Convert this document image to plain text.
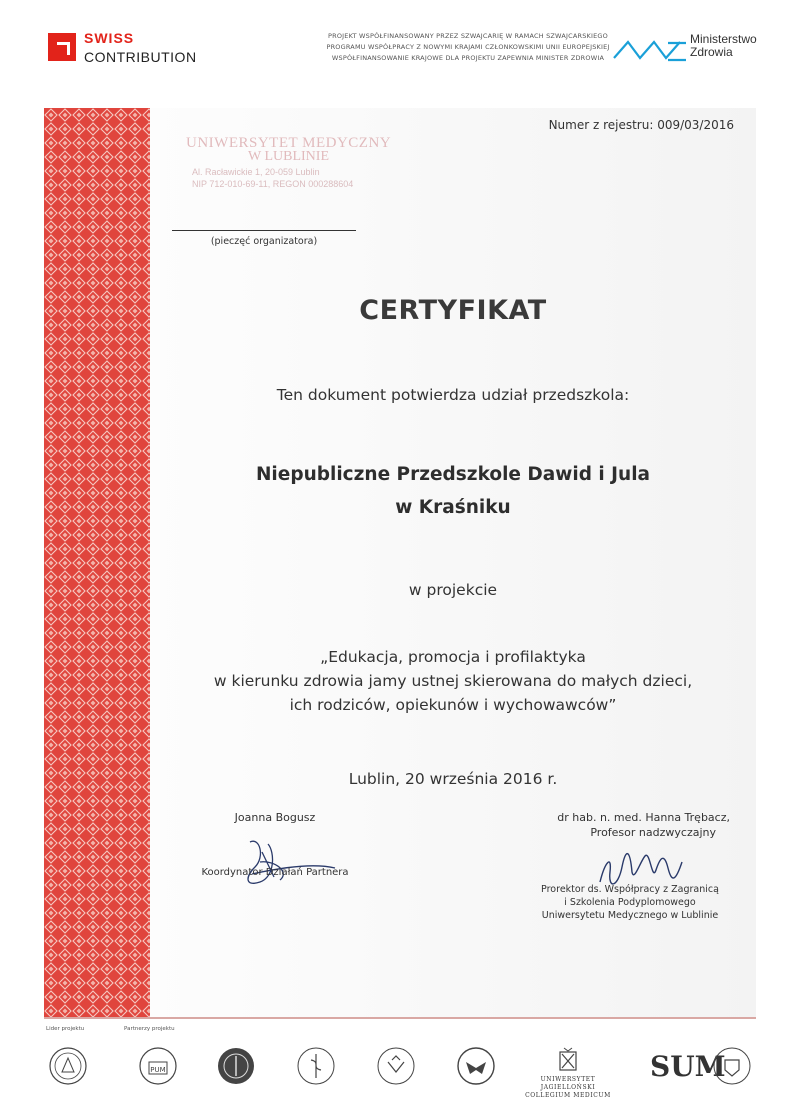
SWISS
CONTRIBUTION
PROJEKT WSPÓŁFINANSOWANY PRZEZ SZWAJCARIĘ W RAMACH SZWAJCARSKIEGO
PROGRAMU WSPÓŁPRACY Z NOWYMI KRAJAMI CZŁONKOWSKIMI UNII EUROPEJSKIEJ
WSPÓŁFINANSOWANIE KRAJOWE DLA PROJEKTU ZAPEWNIA MINISTER ZDROWIA
Ministerstwo
Zdrowia
Numer z rejestru: 009/03/2016
UNIWERSYTET MEDYCZNY
W LUBLINIE
Al. Racławickie 1, 20-059 Lublin
NIP 712-010-69-11, REGON 000288604
(pieczęć organizatora)
CERTYFIKAT
Ten dokument potwierdza udział przedszkola:
Niepubliczne Przedszkole Dawid i Jula
w Kraśniku
w projekcie
„Edukacja, promocja i profilaktyka
w kierunku zdrowia jamy ustnej skierowana do małych dzieci,
ich rodziców, opiekunów i wychowawców”
Lublin, 20 września 2016 r.
Joanna Bogusz
Koordynator Działań Partnera
dr hab. n. med. Hanna Trębacz,
Profesor nadzwyczajny
Prorektor ds. Współpracy z Zagranicą
i Szkolenia Podyplomowego
Uniwersytetu Medycznego w Lublinie
Lider projektu	Partnerzy projektu
PUM
UNIWERSYTET JAGIELLOŃSKI
COLLEGIUM MEDICUM
SUM
